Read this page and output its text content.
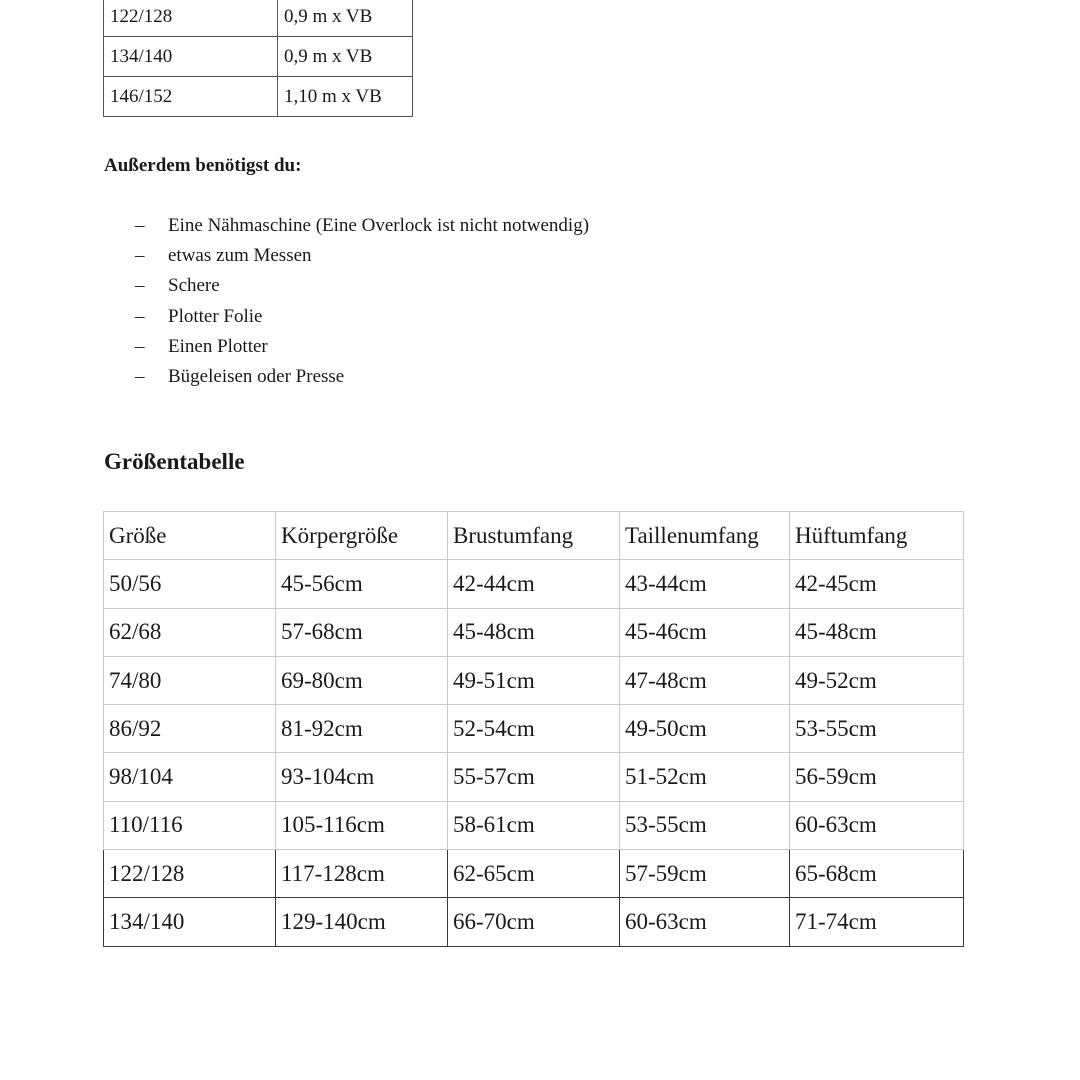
122/128	0,9 m x VB
134/140	0,9 m x VB
146/152	1,10 m x VB

Außerdem benötigst du:

–	Eine Nähmaschine (Eine Overlock ist nicht notwendig)
–	etwas zum Messen
–	Schere
–	Plotter Folie
–	Einen Plotter
–	Bügeleisen oder Presse
Größentabelle
Größe	Körpergröße	Brustumfang	Taillenumfang	Hüftumfang
50/56	45-56cm	42-44cm	43-44cm	42-45cm
62/68	57-68cm	45-48cm	45-46cm	45-48cm
74/80	69-80cm	49-51cm	47-48cm	49-52cm
86/92	81-92cm	52-54cm	49-50cm	53-55cm
98/104	93-104cm	55-57cm	51-52cm	56-59cm
110/116	105-116cm	58-61cm	53-55cm	60-63cm
122/128	117-128cm	62-65cm	57-59cm	65-68cm
134/140	129-140cm	66-70cm	60-63cm	71-74cm
